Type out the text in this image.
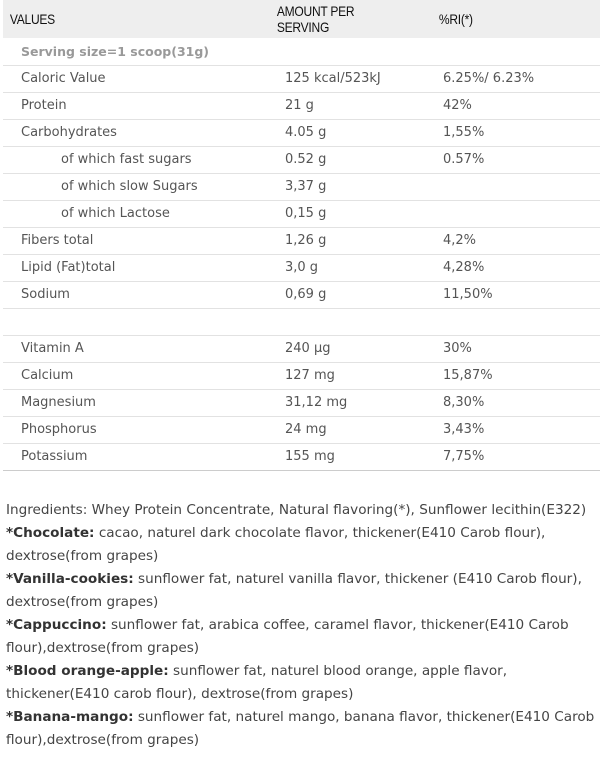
VALUES	AMOUNT PER SERVING	%RI(*)
Serving size=1 scoop(31g)		
Caloric Value	125 kcal/523kJ	6.25%/ 6.23%
Protein	21 g	42%
Carbohydrates	4.05 g	1,55%
of which fast sugars	0.52 g	0.57%
of which slow Sugars	3,37 g	
of which Lactose	0,15 g	
Fibers total	1,26 g	4,2%
Lipid (Fat)total	3,0 g	4,28%
Sodium	0,69 g	11,50%

Vitamin A	240 µg	30%
Calcium	127 mg	15,87%
Magnesium	31,12 mg	8,30%
Phosphorus	24 mg	3,43%
Potassium	155 mg	7,75%

Ingredients: Whey Protein Concentrate, Natural flavoring(*), Sunflower lecithin(E322)

*Chocolate: cacao, naturel dark chocolate flavor, thickener(E410 Carob flour), dextrose(from grapes)

*Vanilla-cookies: sunflower fat, naturel vanilla flavor, thickener (E410 Carob flour), dextrose(from grapes)

*Cappuccino: sunflower fat, arabica coffee, caramel flavor, thickener(E410 Carob flour),dextrose(from grapes)

*Blood orange-apple: sunflower fat, naturel blood orange, apple flavor, thickener(E410 carob flour), dextrose(from grapes)

*Banana-mango: sunflower fat, naturel mango, banana flavor, thickener(E410 Carob flour),dextrose(from grapes)
